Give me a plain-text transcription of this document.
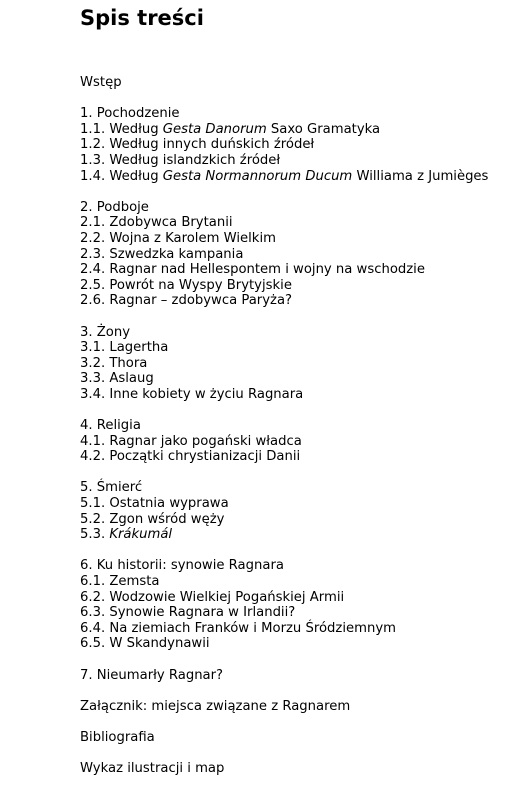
Spis treści
Wstęp
1. Pochodzenie
1.1. Według Gesta Danorum Saxo Gramatyka
1.2. Według innych duńskich źródeł
1.3. Według islandzkich źródeł
1.4. Według Gesta Normannorum Ducum Williama z Jumièges
2. Podboje
2.1. Zdobywca Brytanii
2.2. Wojna z Karolem Wielkim
2.3. Szwedzka kampania
2.4. Ragnar nad Hellespontem i wojny na wschodzie
2.5. Powrót na Wyspy Brytyjskie
2.6. Ragnar – zdobywca Paryża?
3. Żony
3.1. Lagertha
3.2. Thora
3.3. Aslaug
3.4. Inne kobiety w życiu Ragnara
4. Religia
4.1. Ragnar jako pogański władca
4.2. Początki chrystianizacji Danii
5. Śmierć
5.1. Ostatnia wyprawa
5.2. Zgon wśród węży
5.3. Krákumál
6. Ku historii: synowie Ragnara
6.1. Zemsta
6.2. Wodzowie Wielkiej Pogańskiej Armii
6.3. Synowie Ragnara w Irlandii?
6.4. Na ziemiach Franków i Morzu Śródziemnym
6.5. W Skandynawii
7. Nieumarły Ragnar?
Załącznik: miejsca związane z Ragnarem
Bibliografia
Wykaz ilustracji i map
